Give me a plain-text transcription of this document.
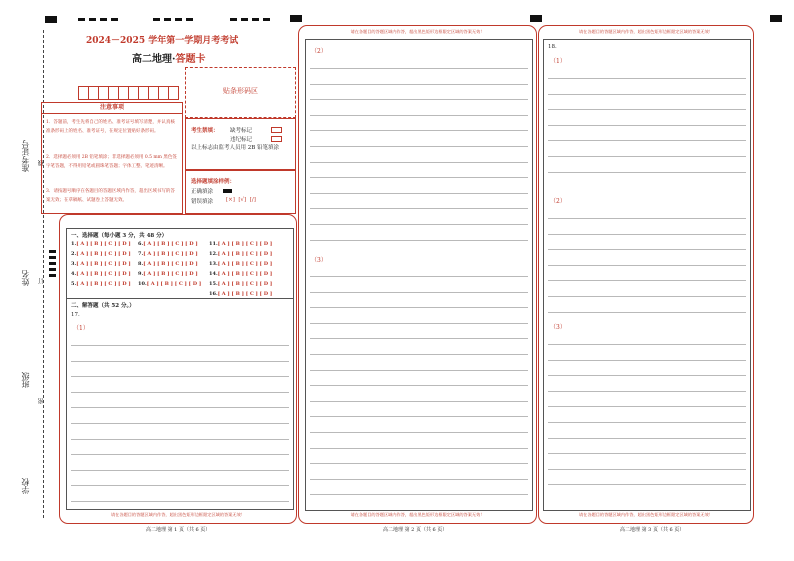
准考证号
姓名
班级
学校
线
订
密
2024－2025 学年第一学期月考考试
高二地理·答题卡
贴条形码区
注意事项
1．答题前，考生先将自己的姓名、准考证号填写清楚，并认真核准条形码上的姓名、准考证号，在规定位置贴好条形码。
2．选择题必须用 2B 铅笔填涂；非选择题必须用 0.5 mm 黑色签字笔答题，不得用铅笔或圆珠笔答题；字体工整、笔迹清晰。
3．请按题号顺序在各题目的答题区域内作答，超出区域书写的答案无效；在草稿纸、试题卷上答题无效。
考生禁填： 缺考标记
违纪标记
以上标志由监考人员用 2B 铅笔填涂
选择题填涂样例：
正确填涂
错误填涂 [×]  [√]  [/]
一、选择题（每小题 3 分，共 48 分）
1.[ A ] [ B ] [ C ] [ D ]
2.[ A ] [ B ] [ C ] [ D ]
3.[ A ] [ B ] [ C ] [ D ]
4.[ A ] [ B ] [ C ] [ D ]
5.[ A ] [ B ] [ C ] [ D ]
6.[ A ] [ B ] [ C ] [ D ]
7.[ A ] [ B ] [ C ] [ D ]
8.[ A ] [ B ] [ C ] [ D ]
9.[ A ] [ B ] [ C ] [ D ]
10.[ A ] [ B ] [ C ] [ D ]
11.[ A ] [ B ] [ C ] [ D ]
12.[ A ] [ B ] [ C ] [ D ]
13.[ A ] [ B ] [ C ] [ D ]
14.[ A ] [ B ] [ C ] [ D ]
15.[ A ] [ B ] [ C ] [ D ]
16.[ A ] [ B ] [ C ] [ D ]
二、解答题（共 52 分。）
17.
（1）
请在各题目的答题区域内作答，超出黑色矩形边框限定区域的答案无效！
请在各题目的答题区域内作答，超出黑色矩形边框限定区域的答案无效！
（2）
（3）
请在各题目的答题区域内作答，超出黑色矩形边框限定区域的答案无效！
请在各题目的答题区域内作答，超出黑色矩形边框限定区域的答案无效！
18.
（1）
（2）
（3）
请在各题目的答题区域内作答，超出黑色矩形边框限定区域的答案无效！
高二地理 第 1 页（共 6 页）	高二地理 第 2 页（共 6 页）	高二地理 第 3 页（共 6 页）
